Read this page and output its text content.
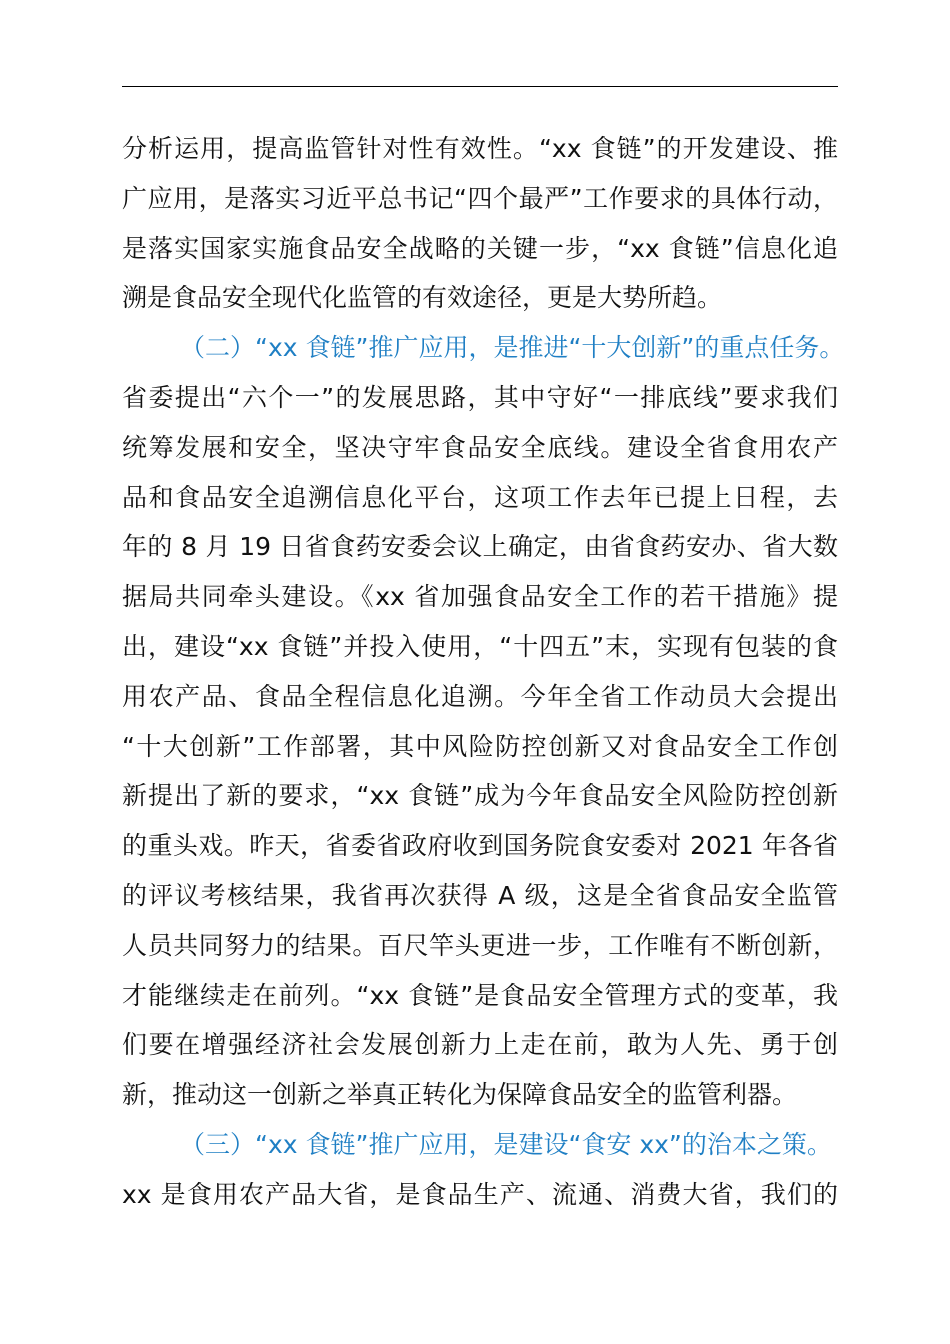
分析运用，提高监管针对性有效性。“xx 食链”的开发建设、推
广应用，是落实习近平总书记“四个最严”工作要求的具体行动，
是落实国家实施食品安全战略的关键一步，“xx 食链”信息化追
溯是食品安全现代化监管的有效途径，更是大势所趋。
（二）“xx 食链”推广应用，是推进“十大创新”的重点任务。
省委提出“六个一”的发展思路，其中守好“一排底线”要求我们
统筹发展和安全，坚决守牢食品安全底线。建设全省食用农产
品和食品安全追溯信息化平台，这项工作去年已提上日程，去
年的 8 月 19 日省食药安委会议上确定，由省食药安办、省大数
据局共同牵头建设。《xx 省加强食品安全工作的若干措施》提
出，建设“xx 食链”并投入使用，“十四五”末，实现有包装的食
用农产品、食品全程信息化追溯。今年全省工作动员大会提出
“十大创新”工作部署，其中风险防控创新又对食品安全工作创
新提出了新的要求，“xx 食链”成为今年食品安全风险防控创新
的重头戏。昨天，省委省政府收到国务院食安委对 2021 年各省
的评议考核结果，我省再次获得 A 级，这是全省食品安全监管
人员共同努力的结果。百尺竿头更进一步，工作唯有不断创新，
才能继续走在前列。“xx 食链”是食品安全管理方式的变革，我
们要在增强经济社会发展创新力上走在前，敢为人先、勇于创
新，推动这一创新之举真正转化为保障食品安全的监管利器。
（三）“xx 食链”推广应用，是建设“食安 xx”的治本之策。
xx 是食用农产品大省，是食品生产、流通、消费大省，我们的
